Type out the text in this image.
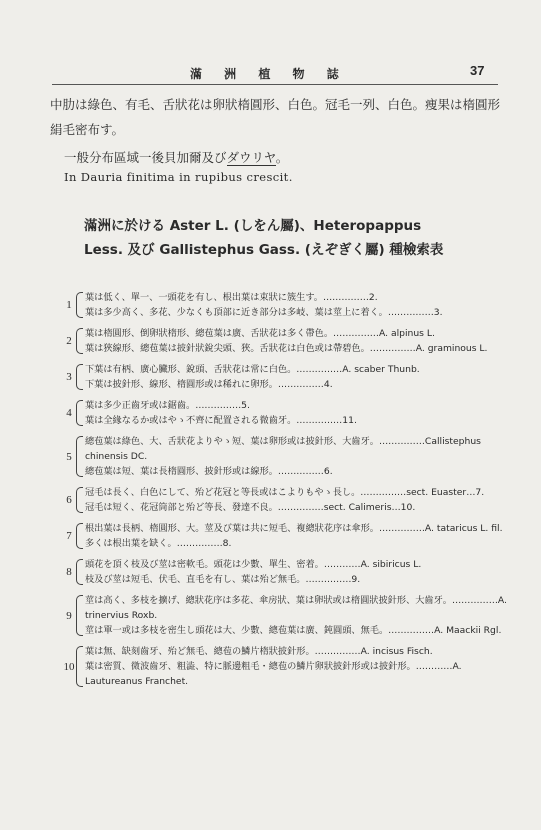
滿 洲 植 物 誌	37
中肋は綠色、有毛、舌狀花は卵狀楕圓形、白色。冠毛一列、白色。痩果は楕圓形
絹毛密布す。
一般分布區域一後貝加爾及びダウリヤ。
In Dauria finitima in rupibus crescit.
滿洲に於ける Aster L. (しをん屬)、Heteropappus
Less. 及び Gallistephus Gass. (えぞぎく屬) 種檢索表
1

葉は低く、單一、一頭花を有し、根出葉は束狀に簇生す。……………2.

葉は多少高く、多花、少なくも頂部に近き部分は多岐、葉は莖上に着く。……………3.

2

葉は楕圓形、倒卵狀楕形、總苞葉は廣、舌狀花は多く帶色。……………A. alpinus L.

葉は狹線形、總苞葉は披針狀銳尖頭、狹。舌狀花は白色或は帶碧色。……………A. graminous L.

3

下葉は有柄、廣心臟形、銳頭、舌狀花は常に白色。……………A. scaber Thunb.

下葉は披針形、線形、楕圓形或は稀れに卵形。……………4.

4

葉は多少正齒牙或は鋸齒。……………5.

葉は全緣なるか或はやゝ不齊に配置される微齒牙。……………11.

5

總苞葉は綠色、大、舌狀花よりやゝ短、葉は卵形或は披針形、大齒牙。……………Callistephus chinensis DC.

總苞葉は短、葉は長楕圓形、披針形或は線形。……………6.

6

冠毛は長く、白色にして、殆ど花冠と等長或はこよりもやゝ長し。……………sect. Euaster…7.

冠毛は短く、花冠筒部と殆ど等長、發達不良。……………sect. Calimeris…10.

7

根出葉は長柄、楕圓形、大。莖及び葉は共に短毛、複總狀花序は傘形。……………A. tataricus L. fil.

多くは根出葉を缺く。……………8.

8

頭花を頂く枝及び莖は密軟毛。頭花は少數、單生、密着。…………A. sibiricus L.

枝及び莖は短毛、伏毛、直毛を有し、葉は殆ど無毛。……………9.

9

莖は高く、多枝を擴げ、總狀花序は多花、傘房狀、葉は卵狀或は楕圓狀披針形、大齒牙。……………A. trinervius Roxb.

莖は單一或は多枝を密生し頭花は大、少數、總苞葉は廣、鈍圓頭、無毛。……………A. Maackii Rgl.

10

葉は無、缺刻齒牙、殆ど無毛、總苞の鱗片楕狀披針形。……………A. incisus Fisch.

葉は密質、微波齒牙、粗澁、特に脈邊粗毛・總苞の鱗片卵狀披針形或は披針形。…………A. Lautureanus Franchet.
